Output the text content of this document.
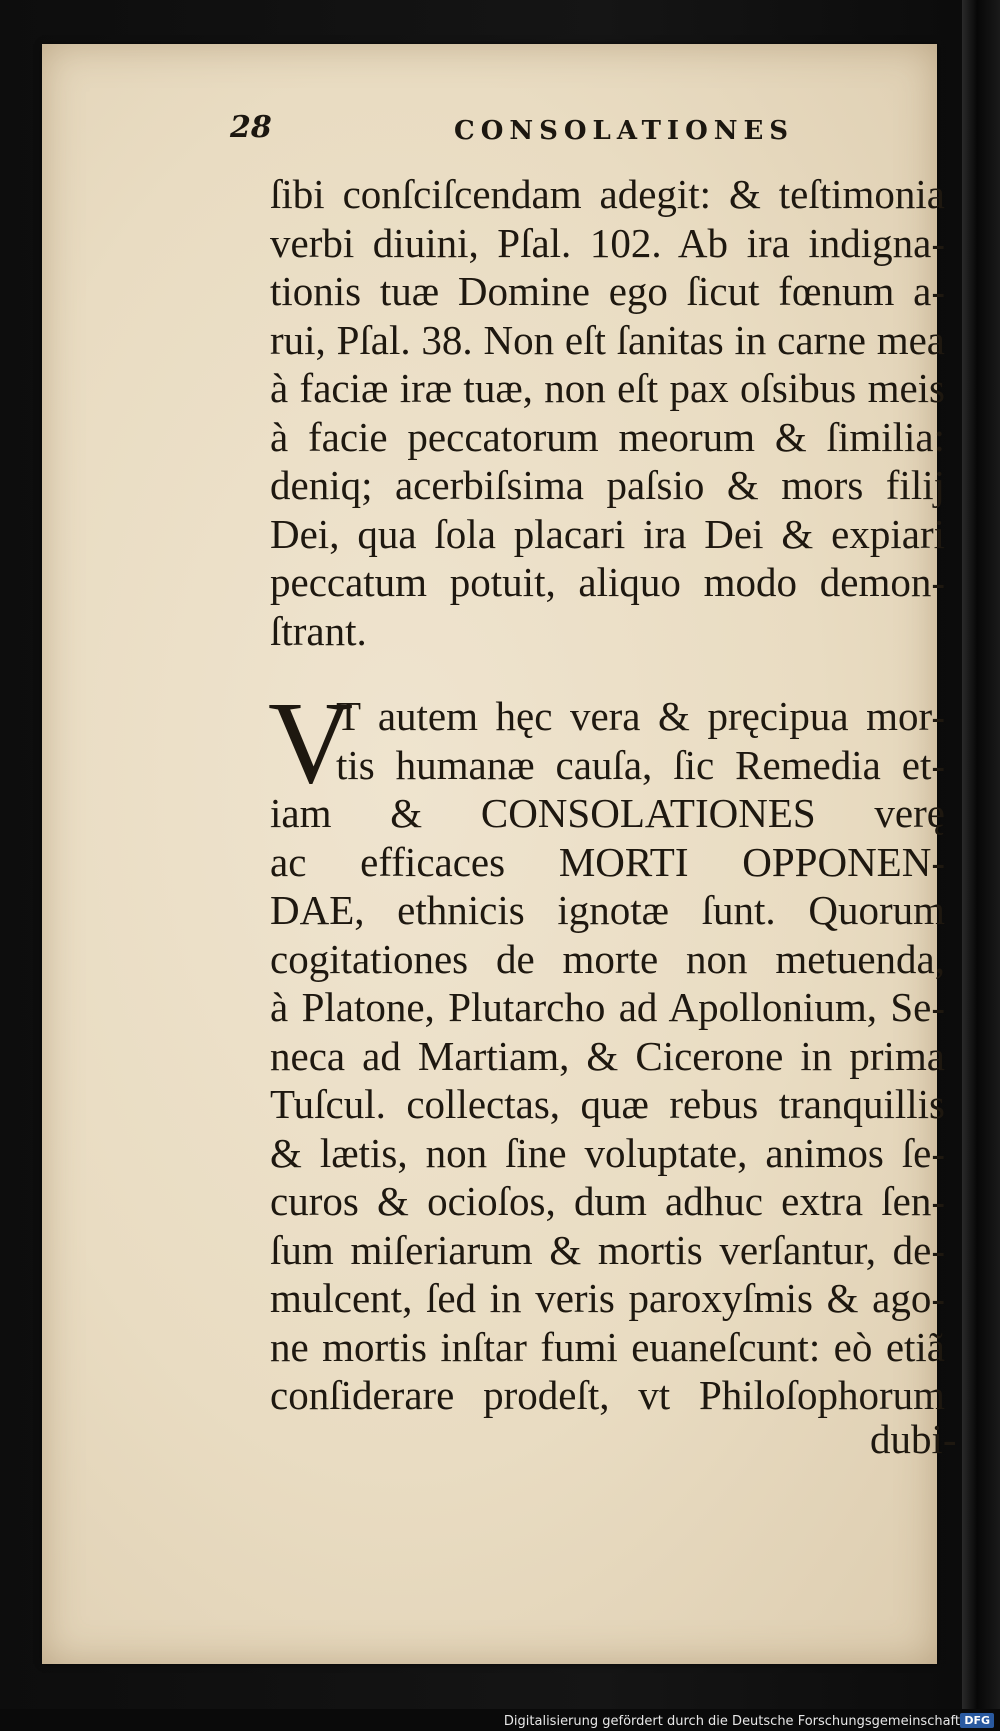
28	CONSOLATIONES
ſibi conſciſcendam adegit: & teſtimonia
verbi diuini, Pſal. 102. Ab ira indigna-
tionis tuæ Domine ego ſicut fœnum a-
rui, Pſal. 38. Non eſt ſanitas in carne mea
à faciæ iræ tuæ, non eſt pax oſsibus meis
à facie peccatorum meorum & ſimilia:
deniq; acerbiſsima paſsio & mors filij
Dei, qua ſola placari ira Dei & expiari
peccatum potuit, aliquo modo demon-
ſtrant.
V
T autem hęc vera & pręcipua mor-
tis humanæ cauſa, ſic Remedia et-
iam & CONSOLATIONES verę
ac efficaces MORTI OPPONEN-
DAE, ethnicis ignotæ ſunt. Quorum
cogitationes de morte non metuenda,
à Platone, Plutarcho ad Apollonium, Se-
neca ad Martiam, & Cicerone in prima
Tuſcul. collectas, quæ rebus tranquillis
& lætis, non ſine voluptate, animos ſe-
curos & ocioſos, dum adhuc extra ſen-
ſum miſeriarum & mortis verſantur, de-
mulcent, ſed in veris paroxyſmis & ago-
ne mortis inſtar fumi euaneſcunt: eò etiã
conſiderare prodeſt, vt Philoſophorum
dubi-
Digitalisierung gefördert durch die Deutsche Forschungsgemeinschaft DFG
